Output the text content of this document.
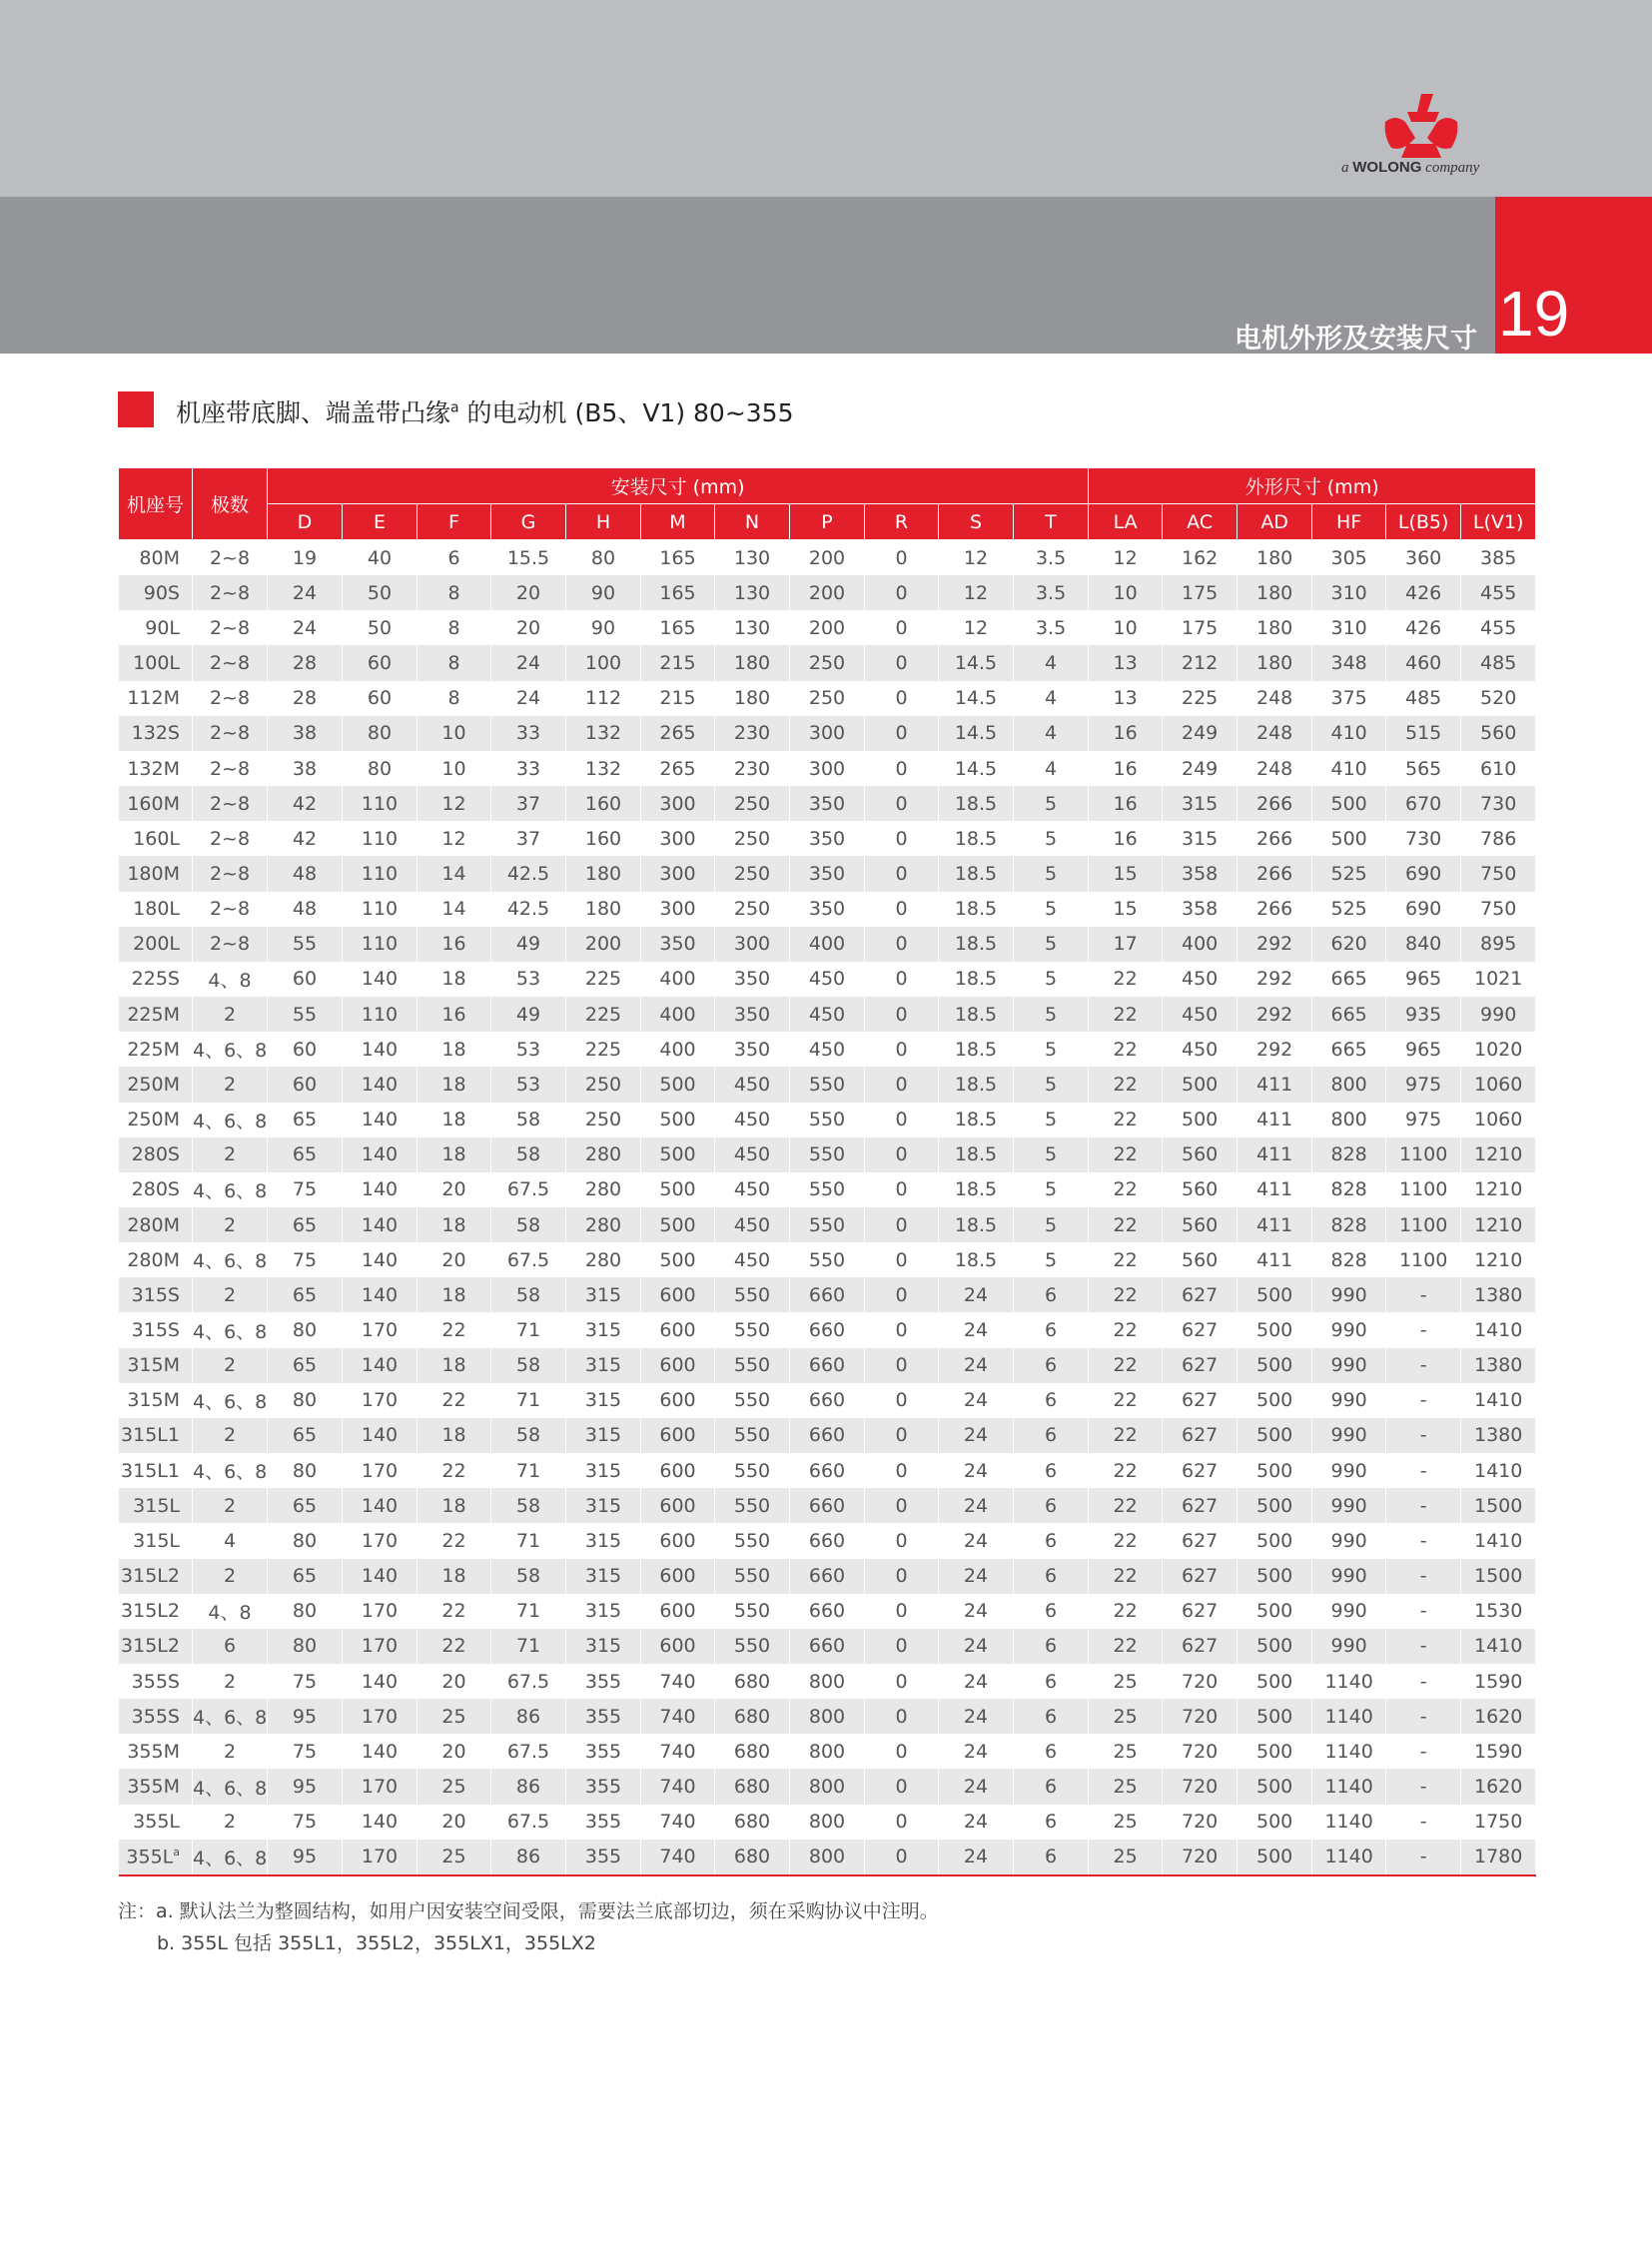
19
电机外形及安装尺寸
a WOLONG company
机座带底脚、端盖带凸缘$^a$ 的电动机 (B5、V1) 80~355
机座号	极数	安装尺寸 (mm)											外形尺寸 (mm)					
		D	E	F	G	H	M	N	P	R	S	T	LA	AC	AD	HF	L(B5)	L(V1)
80M	2~8	19	40	6	15.5	80	165	130	200	0	12	3.5	12	162	180	305	360	385
90S	2~8	24	50	8	20	90	165	130	200	0	12	3.5	10	175	180	310	426	455
90L	2~8	24	50	8	20	90	165	130	200	0	12	3.5	10	175	180	310	426	455
100L	2~8	28	60	8	24	100	215	180	250	0	14.5	4	13	212	180	348	460	485
112M	2~8	28	60	8	24	112	215	180	250	0	14.5	4	13	225	248	375	485	520
132S	2~8	38	80	10	33	132	265	230	300	0	14.5	4	16	249	248	410	515	560
132M	2~8	38	80	10	33	132	265	230	300	0	14.5	4	16	249	248	410	565	610
160M	2~8	42	110	12	37	160	300	250	350	0	18.5	5	16	315	266	500	670	730
160L	2~8	42	110	12	37	160	300	250	350	0	18.5	5	16	315	266	500	730	786
180M	2~8	48	110	14	42.5	180	300	250	350	0	18.5	5	15	358	266	525	690	750
180L	2~8	48	110	14	42.5	180	300	250	350	0	18.5	5	15	358	266	525	690	750
200L	2~8	55	110	16	49	200	350	300	400	0	18.5	5	17	400	292	620	840	895
225S	4、8	60	140	18	53	225	400	350	450	0	18.5	5	22	450	292	665	965	1021
225M	2	55	110	16	49	225	400	350	450	0	18.5	5	22	450	292	665	935	990
225M	4、6、8	60	140	18	53	225	400	350	450	0	18.5	5	22	450	292	665	965	1020
250M	2	60	140	18	53	250	500	450	550	0	18.5	5	22	500	411	800	975	1060
250M	4、6、8	65	140	18	58	250	500	450	550	0	18.5	5	22	500	411	800	975	1060
280S	2	65	140	18	58	280	500	450	550	0	18.5	5	22	560	411	828	1100	1210
280S	4、6、8	75	140	20	67.5	280	500	450	550	0	18.5	5	22	560	411	828	1100	1210
280M	2	65	140	18	58	280	500	450	550	0	18.5	5	22	560	411	828	1100	1210
280M	4、6、8	75	140	20	67.5	280	500	450	550	0	18.5	5	22	560	411	828	1100	1210
315S	2	65	140	18	58	315	600	550	660	0	24	6	22	627	500	990	-	1380
315S	4、6、8	80	170	22	71	315	600	550	660	0	24	6	22	627	500	990	-	1410
315M	2	65	140	18	58	315	600	550	660	0	24	6	22	627	500	990	-	1380
315M	4、6、8	80	170	22	71	315	600	550	660	0	24	6	22	627	500	990	-	1410
315L1	2	65	140	18	58	315	600	550	660	0	24	6	22	627	500	990	-	1380
315L1	4、6、8	80	170	22	71	315	600	550	660	0	24	6	22	627	500	990	-	1410
315L	2	65	140	18	58	315	600	550	660	0	24	6	22	627	500	990	-	1500
315L	4	80	170	22	71	315	600	550	660	0	24	6	22	627	500	990	-	1410
315L2	2	65	140	18	58	315	600	550	660	0	24	6	22	627	500	990	-	1500
315L2	4、8	80	170	22	71	315	600	550	660	0	24	6	22	627	500	990	-	1530
315L2	6	80	170	22	71	315	600	550	660	0	24	6	22	627	500	990	-	1410
355S	2	75	140	20	67.5	355	740	680	800	0	24	6	25	720	500	1140	-	1590
355S	4、6、8	95	170	25	86	355	740	680	800	0	24	6	25	720	500	1140	-	1620
355M	2	75	140	20	67.5	355	740	680	800	0	24	6	25	720	500	1140	-	1590
355M	4、6、8	95	170	25	86	355	740	680	800	0	24	6	25	720	500	1140	-	1620
355L	2	75	140	20	67.5	355	740	680	800	0	24	6	25	720	500	1140	-	1750
$355L^a$	4、6、8	95	170	25	86	355	740	680	800	0	24	6	25	720	500	1140	-	1780
注：a. 默认法兰为整圆结构，如用户因安装空间受限，需要法兰底部切边，须在采购协议中注明。
b. 355L 包括 355L1，355L2，355LX1，355LX2
